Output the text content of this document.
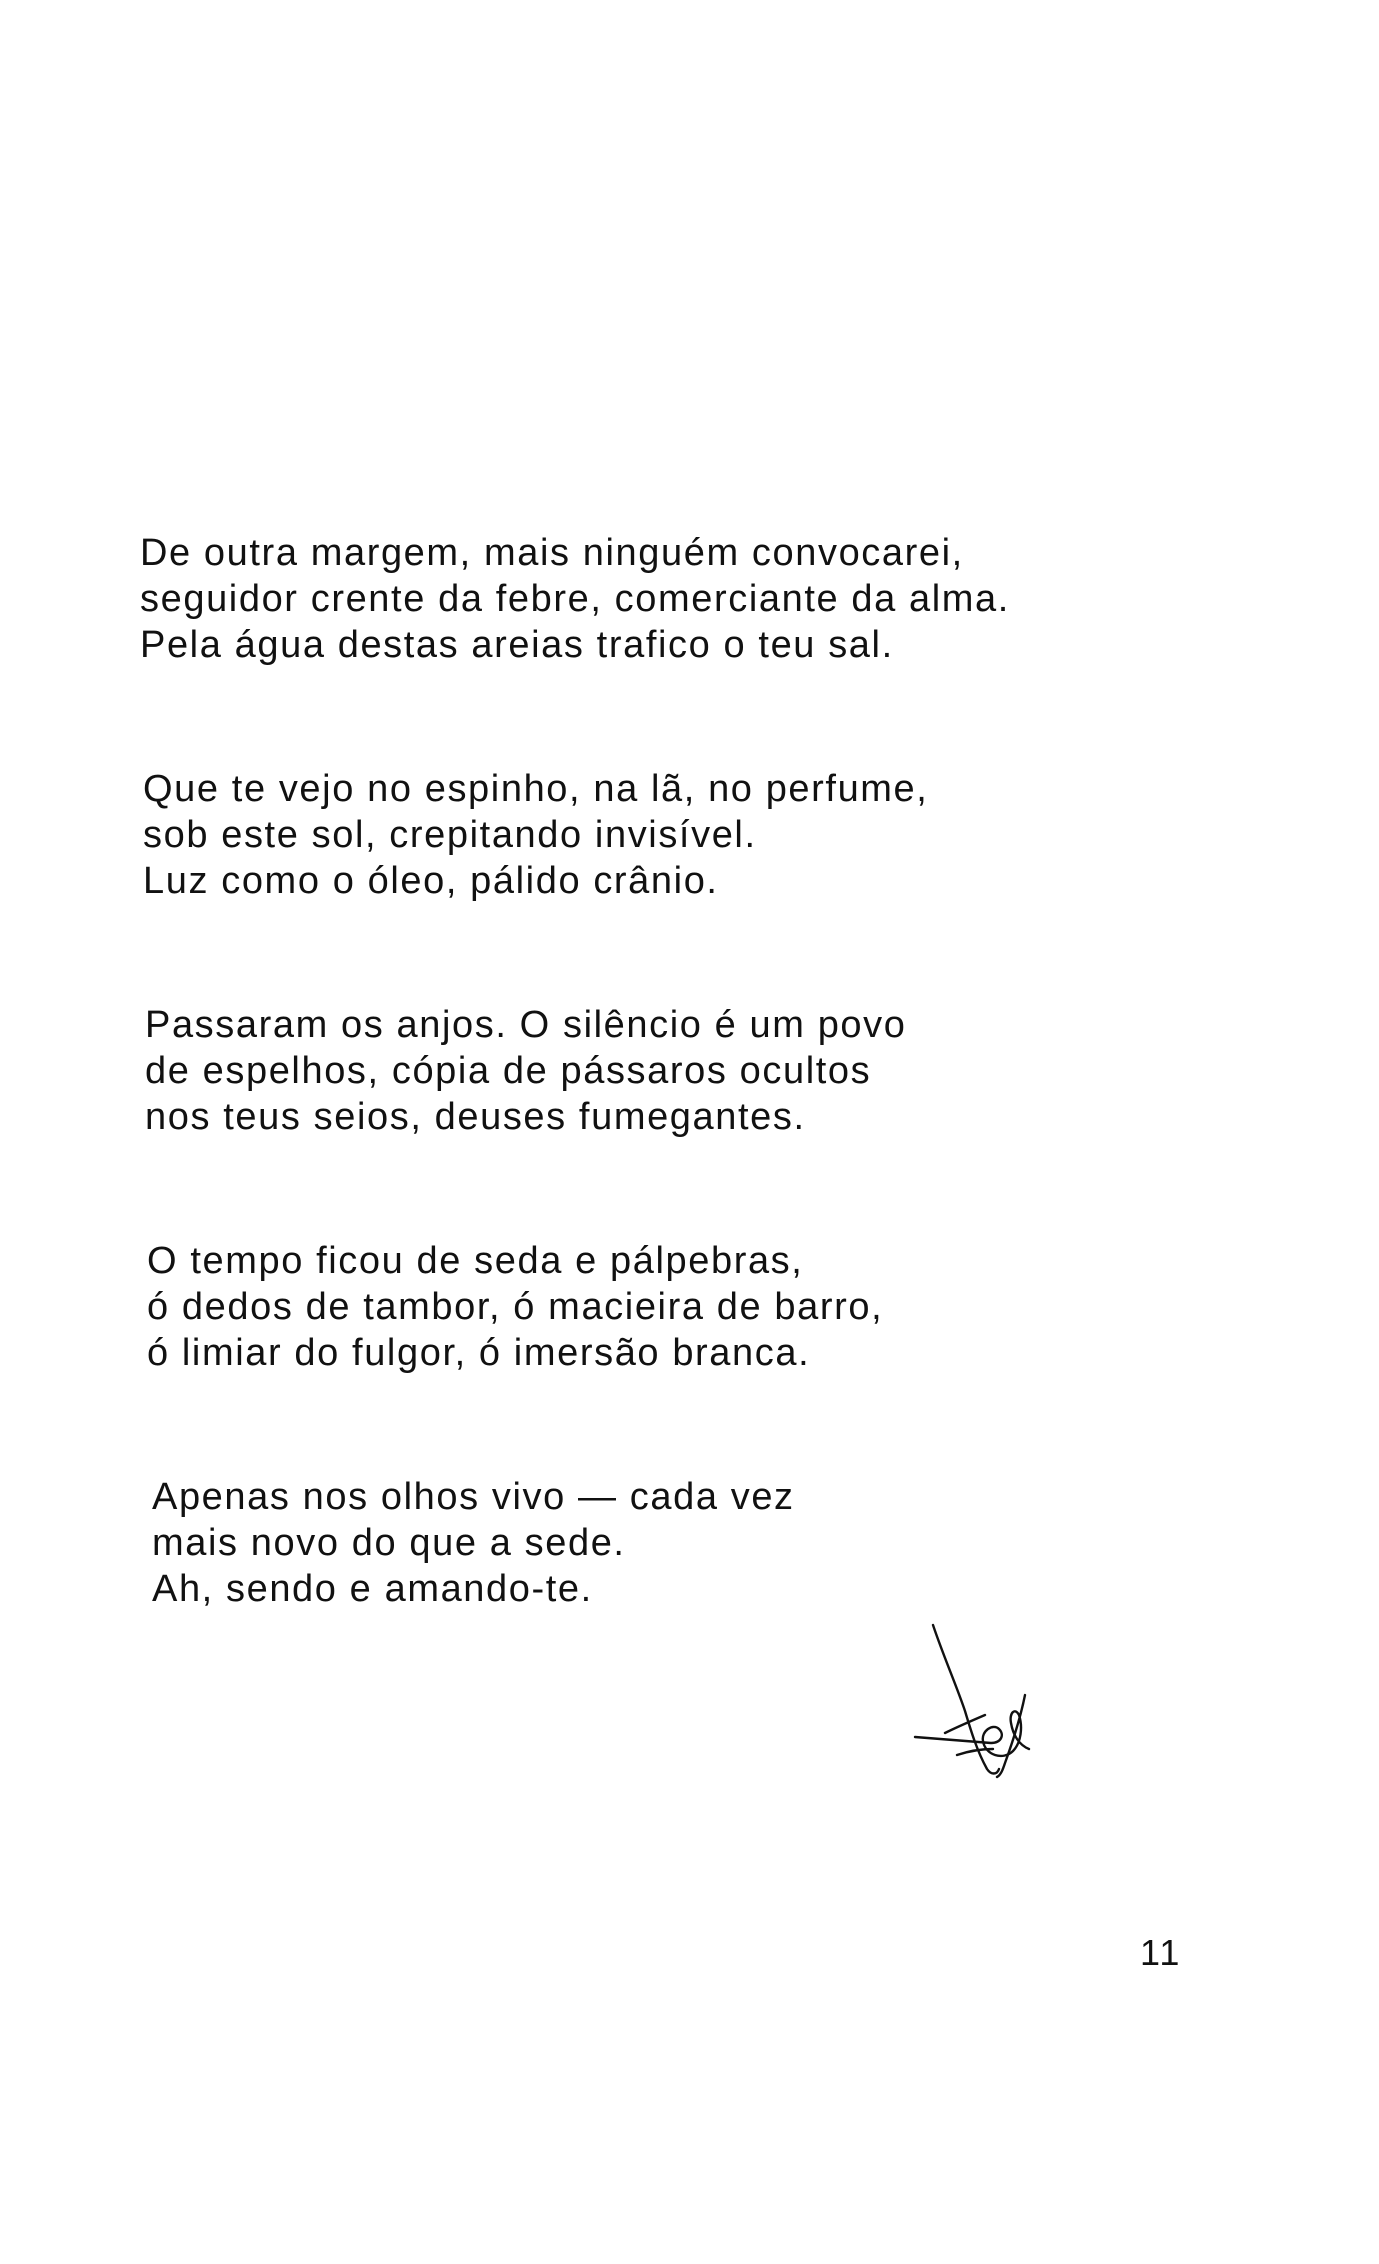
De outra margem, mais ninguém convocarei,
seguidor crente da febre, comerciante da alma.
Pela água destas areias trafico o teu sal.
Que te vejo no espinho, na lã, no perfume,
sob este sol, crepitando invisível.
Luz como o óleo, pálido crânio.
Passaram os anjos. O silêncio é um povo
de espelhos, cópia de pássaros ocultos
nos teus seios, deuses fumegantes.
O tempo ficou de seda e pálpebras,
ó dedos de tambor, ó macieira de barro,
ó limiar do fulgor, ó imersão branca.
Apenas nos olhos vivo — cada vez
mais novo do que a sede.
Ah, sendo e amando-te.
11
